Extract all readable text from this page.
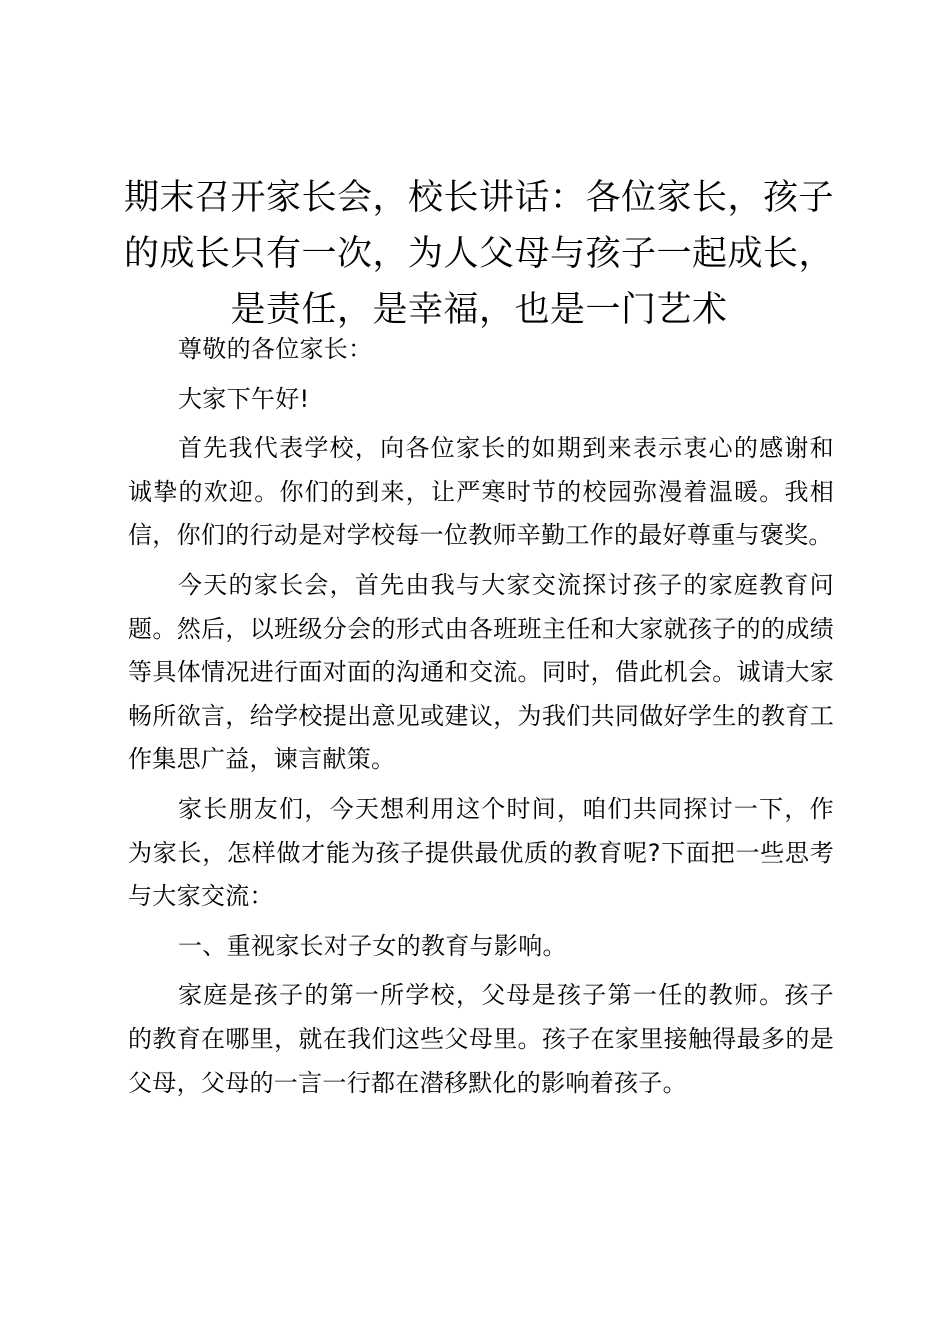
期末召开家长会，校长讲话：各位家长，孩子的成长只有一次，为人父母与孩子一起成长，是责任，是幸福，也是一门艺术

尊敬的各位家长：

大家下午好!

首先我代表学校，向各位家长的如期到来表示衷心的感谢和诚挚的欢迎。你们的到来，让严寒时节的校园弥漫着温暖。我相信，你们的行动是对学校每一位教师辛勤工作的最好尊重与褒奖。

今天的家长会，首先由我与大家交流探讨孩子的家庭教育问题。然后，以班级分会的形式由各班班主任和大家就孩子的的成绩等具体情况进行面对面的沟通和交流。同时，借此机会。诚请大家畅所欲言，给学校提出意见或建议，为我们共同做好学生的教育工作集思广益，谏言献策。

家长朋友们，今天想利用这个时间，咱们共同探讨一下，作为家长，怎样做才能为孩子提供最优质的教育呢?下面把一些思考与大家交流：

一、重视家长对子女的教育与影响。

家庭是孩子的第一所学校，父母是孩子第一任的教师。孩子的教育在哪里，就在我们这些父母里。孩子在家里接触得最多的是父母，父母的一言一行都在潜移默化的影响着孩子。
